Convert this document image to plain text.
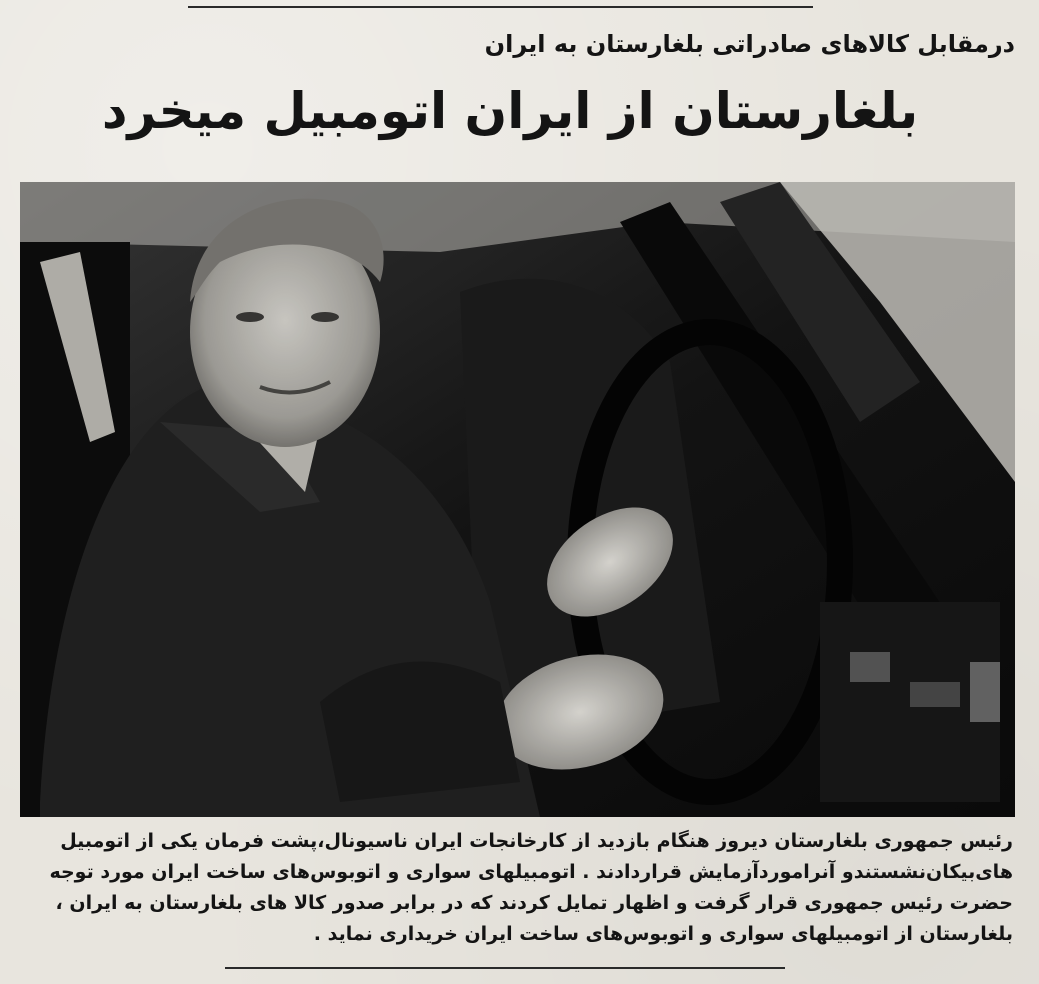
درمقابل کالاهای صادراتی بلغارستان به ایران
بلغارستان از ایران اتومبیل میخرد
رئیس جمهوری بلغارستان دیروز هنگام بازدید از کارخانجات ایران ناسیونال،پشت فرمان یکی از اتومبیل
های‌بیکان‌نشستند‌و آنرامورد‌آزمایش قراردادند . اتومبیلهای سواری و اتوبوس‌های ساخت ایران مورد توجه
حضرت رئیس جمهوری قرار گرفت و اظهار تمایل کردند که در برابر صدور کالا های بلغارستان به ایران ،
بلغارستان از اتومبیلهای سواری و اتوبوس‌های ساخت ایران خریداری نماید .
